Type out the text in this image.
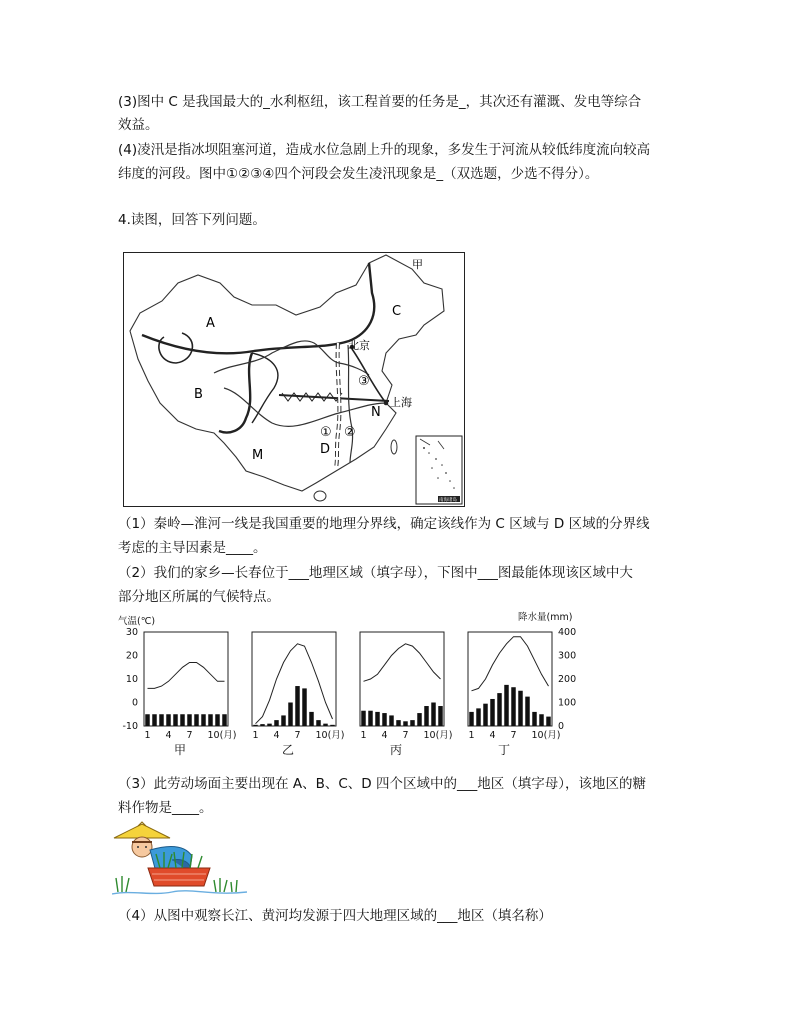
(3)图中 C 是我国最大的_水利枢纽，该工程首要的任务是_，其次还有灌溉、发电等综合
效益。
(4)凌汛是指冰坝阻塞河道，造成水位急剧上升的现象，多发生于河流从较低纬度流向较高
纬度的河段。图中①②③④四个河段会发生凌汛现象是_（双选题，少选不得分）。
4.读图，回答下列问题。
甲
A
B
C
D
M
N
北京
上海
① ②
③
南海诸岛
（1）秦岭—淮河一线是我国重要的地理分界线，确定该线作为 C 区域与 D 区域的分界线
考虑的主导因素是____。
（2）我们的家乡—长春位于___地理区域（填字母），下图中___图最能体现该区域中大
部分地区所属的气候特点。
气温(℃)	降水量(mm)
30
20
10
0
-10
1 4 7 10(月)
甲
1 4 7 10(月)
乙
1 4 7 10(月)
丙
1 4 7 10(月)
丁
400
300
200
100
0
（3）此劳动场面主要出现在 A、B、C、D 四个区域中的___地区（填字母），该地区的糖
料作物是____。
（4）从图中观察长江、黄河均发源于四大地理区域的___地区（填名称）
